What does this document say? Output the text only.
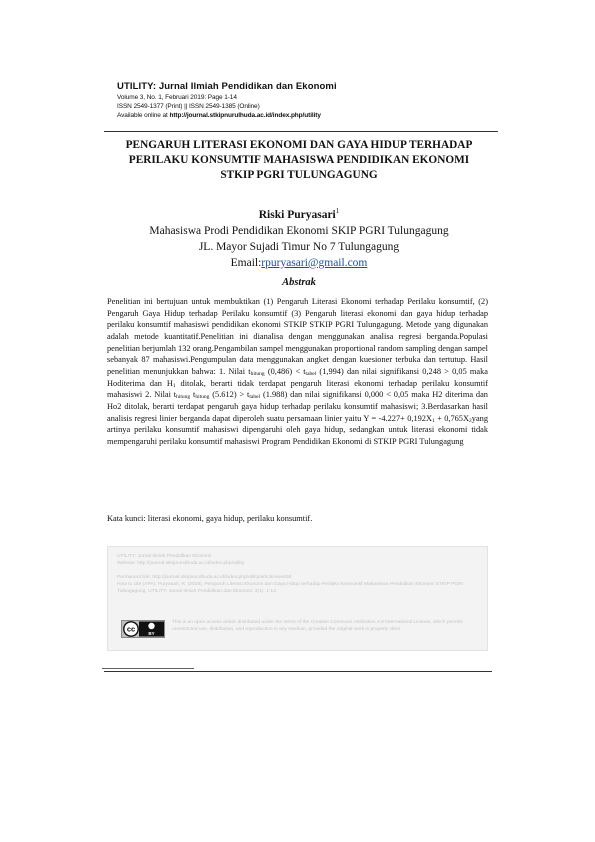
UTILITY: Jurnal Ilmiah Pendidikan dan Ekonomi
Volume 3, No. 1, Februari 2019: Page 1-14
ISSN 2549-1377 (Print) || ISSN 2549-1385 (Online)
Available online at http://journal.stkipnurulhuda.ac.id/index.php/utility
PENGARUH LITERASI EKONOMI DAN GAYA HIDUP TERHADAP
PERILAKU KONSUMTIF MAHASISWA PENDIDIKAN EKONOMI
STKIP PGRI TULUNGAGUNG
Riski Puryasari$^1$
Mahasiswa Prodi Pendidikan Ekonomi SKIP PGRI Tulungagung
JL. Mayor Sujadi Timur No 7 Tulungagung
Email:rpuryasari@gmail.com
Abstrak

Penelitian ini bertujuan untuk membuktikan (1) Pengaruh Literasi Ekonomi terhadap Perilaku konsumtif, (2) Pengaruh Gaya Hidup terhadap Perilaku konsumtif (3) Pengaruh literasi ekonomi dan gaya hidup terhadap perilaku konsumtif mahasiswi pendidikan ekonomi STKIP STKIP PGRI Tulungagung. Metode yang digunakan adalah metode kuantitatif.Penelitian ini dianalisa dengan menggunakan analisa regresi berganda.Populasi penelitian berjumlah 132 orang.Pengambilan sampel menggunakan proportional random sampling dengan sampel sebanyak 87 mahasiswi.Pengumpulan data menggunakan angket dengan kuesioner terbuka dan tertutup. Hasil penelitian menunjukkan bahwa: 1. Nilai $t_{hitung}$ $(0,486) < t_{tabel}$ (1,994) dan nilai signifikansi 0,248 > 0,05 maka Hoditerima dan $H_1$ ditolak, berarti tidak terdapat pengaruh literasi ekonomi terhadap perilaku konsumtif mahasiswi 2. Nilai $t_{hitung}$ $t_{hitung}$ $(5.612) > t_{tabel}$ (1.988) dan nilai signifikansi 0,000 < 0,05 maka H2 diterima dan Ho2 ditolak, berarti terdapat pengaruh gaya hidup terhadap perilaku konsumtif mahasiswi; 3.Berdasarkan hasil analisis regresi linier berganda dapat diperoleh suatu persamaan linier yaitu $Y = -4.227+ 0,192X_1$ + $0,765X_2yang$ artinya perilaku konsumtif mahasiswi dipengaruhi oleh gaya hidup, sedangkan untuk literasi ekonomi tidak mempengaruhi perilaku konsumtif mahasiswi Program Pendidikan Ekonomi di STKIP PGRI Tulungagung

Kata kunci: literasi ekonomi, gaya hidup, perilaku konsumtif.

UTILITY: Jurnal Ilmiah Pendidikan Ekonomi

Website: http://journal.stkipnurulhuda.ac.id/index.php/utility

Permanent link: http://journal.stkipnurulhuda.ac.id/index.php/utility/article/view/56

How to cite (APA): Puryasari, R. (2019). Pengaruh Literasi Ekonomi dan Gaya Hidup terhadap Perilaku Konsumtif Mahasiswa Pendidikan Ekonomi STKIP PGRI Tulungagung. UTILITY: Jurnal Ilmiah Pendidikan dan Ekonomi, 3(1), 1-14.

cc	BY
This is an open access article distributed under the terms of the Creative Commons Attribution 4.0 International License, which permits unrestricted use, distribution, and reproduction in any medium, provided the original work is properly cited.
